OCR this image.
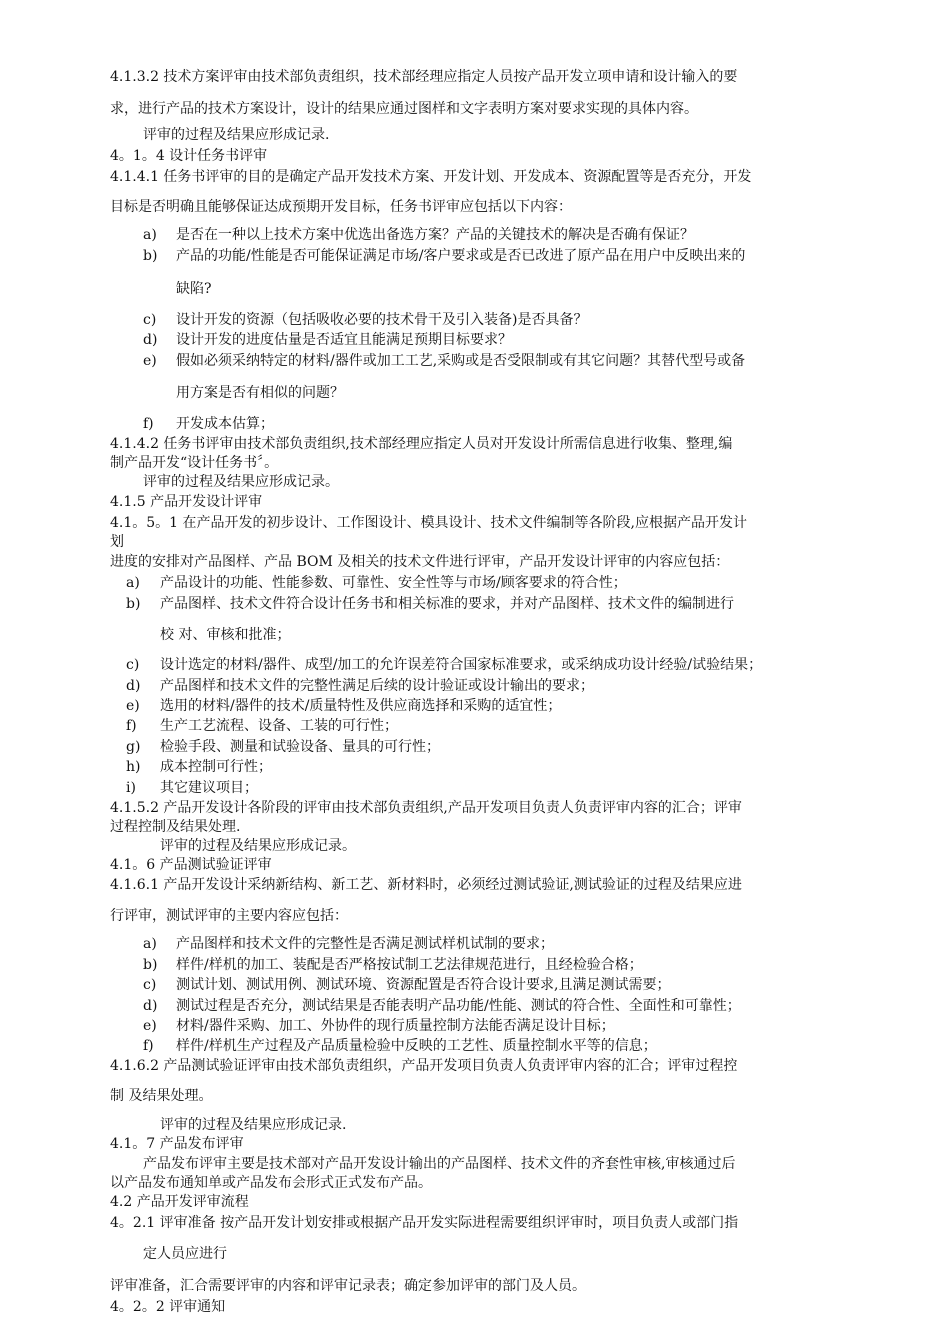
4.1.3.2 技术方案评审由技术部负责组织，技术部经理应指定人员按产品开发立项申请和设计输入的要
求，进行产品的技术方案设计，设计的结果应通过图样和文字表明方案对要求实现的具体内容。
评审的过程及结果应形成记录.
4。1。4 设计任务书评审
4.1.4.1 任务书评审的目的是确定产品开发技术方案、开发计划、开发成本、资源配置等是否充分，开发
目标是否明确且能够保证达成预期开发目标，任务书评审应包括以下内容：
a) 是否在一种以上技术方案中优选出备选方案？产品的关键技术的解决是否确有保证？
b) 产品的功能/性能是否可能保证满足市场/客户要求或是否已改进了原产品在用户中反映出来的
缺陷?
c) 设计开发的资源（包括吸收必要的技术骨干及引入装备)是否具备？
d) 设计开发的进度估量是否适宜且能满足预期目标要求？
e) 假如必须采纳特定的材料/器件或加工工艺,采购或是否受限制或有其它问题？其替代型号或备
用方案是否有相似的问题？
f) 开发成本估算；
4.1.4.2 任务书评审由技术部负责组织,技术部经理应指定人员对开发设计所需信息进行收集、整理,编
制产品开发“设计任务书〞。
评审的过程及结果应形成记录。
4.1.5 产品开发设计评审
4.1。5。1 在产品开发的初步设计、工作图设计、模具设计、技术文件编制等各阶段,应根据产品开发计
划
进度的安排对产品图样、产品 BOM 及相关的技术文件进行评审，产品开发设计评审的内容应包括：
a) 产品设计的功能、性能参数、可靠性、安全性等与市场/顾客要求的符合性；
b) 产品图样、技术文件符合设计任务书和相关标准的要求，并对产品图样、技术文件的编制进行
校 对、审核和批准；
c) 设计选定的材料/器件、成型/加工的允许误差符合国家标准要求，或采纳成功设计经验/试验结果；
d) 产品图样和技术文件的完整性满足后续的设计验证或设计输出的要求；
e) 选用的材料/器件的技术/质量特性及供应商选择和采购的适宜性；
f) 生产工艺流程、设备、工装的可行性；
g) 检验手段、测量和试验设备、量具的可行性；
h) 成本控制可行性；
i) 其它建议项目；
4.1.5.2 产品开发设计各阶段的评审由技术部负责组织,产品开发项目负责人负责评审内容的汇合；评审
过程控制及结果处理.
评审的过程及结果应形成记录。
4.1。6 产品测试验证评审
4.1.6.1 产品开发设计采纳新结构、新工艺、新材料时，必须经过测试验证,测试验证的过程及结果应进
行评审，测试评审的主要内容应包括：
a) 产品图样和技术文件的完整性是否满足测试样机试制的要求；
b) 样件/样机的加工、装配是否严格按试制工艺法律规范进行，且经检验合格；
c) 测试计划、测试用例、测试环境、资源配置是否符合设计要求,且满足测试需要；
d) 测试过程是否充分，测试结果是否能表明产品功能/性能、测试的符合性、全面性和可靠性；
e) 材料/器件采购、加工、外协件的现行质量控制方法能否满足设计目标；
f) 样件/样机生产过程及产品质量检验中反映的工艺性、质量控制水平等的信息；
4.1.6.2 产品测试验证评审由技术部负责组织，产品开发项目负责人负责评审内容的汇合；评审过程控
制 及结果处理。
评审的过程及结果应形成记录.
4.1。7 产品发布评审
产品发布评审主要是技术部对产品开发设计输出的产品图样、技术文件的齐套性审核,审核通过后
以产品发布通知单或产品发布会形式正式发布产品。
4.2 产品开发评审流程
4。2.1 评审准备 按产品开发计划安排或根据产品开发实际进程需要组织评审时，项目负责人或部门指
定人员应进行
评审准备，汇合需要评审的内容和评审记录表；确定参加评审的部门及人员。
4。2。2 评审通知
